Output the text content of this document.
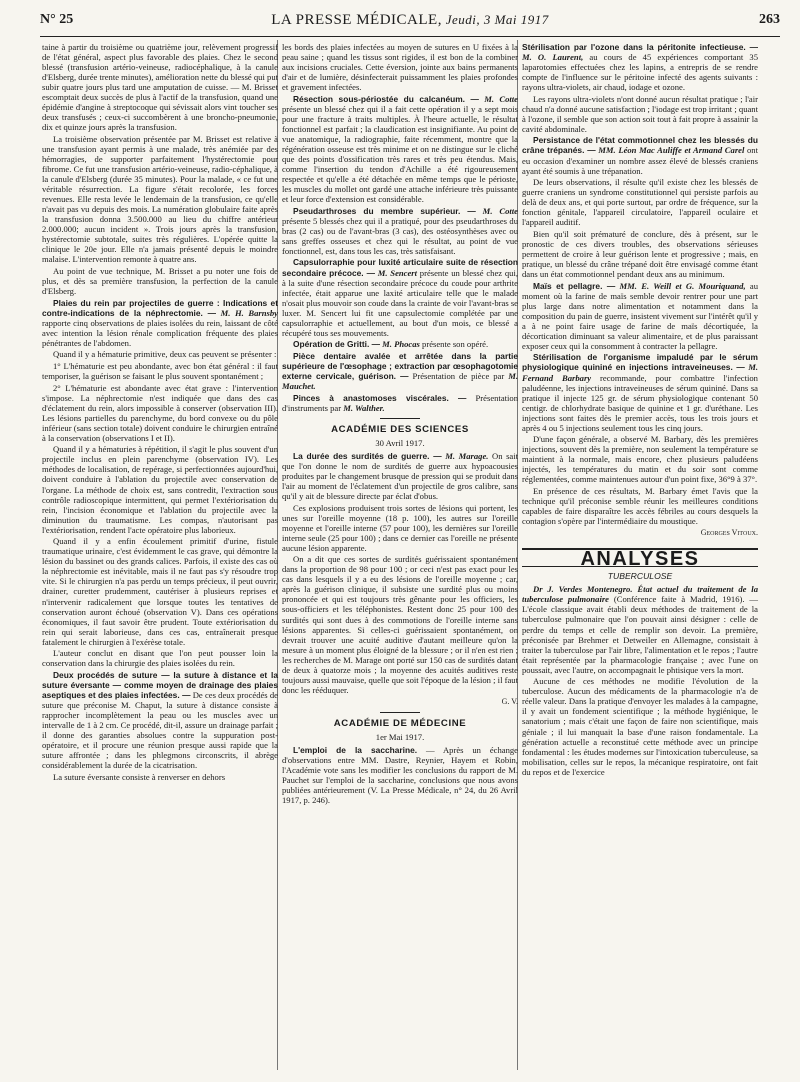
N° 25	LA PRESSE MÉDICALE, Jeudi, 3 Mai 1917	263

taine à partir du troisième ou quatrième jour, relèvement progressif de l'état général, aspect plus favorable des plaies. Chez le second blessé (transfusion artério-veineuse, radiocéphalique, à la canule d'Elsberg, durée trente minutes), amélioration nette du blessé qui put subir quatre jours plus tard une amputation de cuisse. — M. Brisset escomptait deux succès de plus à l'actif de la transfusion, quand une épidémie d'angine à streptocoque qui sévissait alors vint toucher ses deux transfusés ; ceux-ci succombèrent à une broncho-pneumonie, dix et quinze jours après la transfusion.

La troisième observation présentée par M. Brisset est relative à une transfusion ayant permis à une malade, très anémiée par des hémorragies, de supporter parfaitement l'hystérectomie pour fibrome. Ce fut une transfusion artério-veineuse, radio-céphalique, à la canule d'Elsberg (durée 35 minutes). Pour la malade, « ce fut une véritable résurrection. La figure s'était recolorée, les forces revenues. Elle resta levée le lendemain de la transfusion, ce qu'elle n'avait pas vu depuis des mois. La numération globulaire faite après la transfusion donna 3.500.000 au lieu du chiffre antérieur 2.000.000; aucun incident ». Trois jours après la transfusion, hystérectomie subtotale, suites très régulières. L'opérée quitte la clinique le 20e jour. Elle n'a jamais présenté depuis le moindre malaise. L'intervention remonte à quatre ans.

Au point de vue technique, M. Brisset a pu noter une fois de plus, et dès sa première transfusion, la perfection de la canule d'Elsberg.

Plaies du rein par projectiles de guerre : Indications et contre-indications de la néphrectomie. — M. H. Barnsby rapporte cinq observations de plaies isolées du rein, laissant de côté avec intention la lésion rénale complication fréquente des plaies pénétrantes de l'abdomen.

Quand il y a hématurie primitive, deux cas peuvent se présenter :

1° L'hématurie est peu abondante, avec bon état général : il faut temporiser, la guérison se faisant le plus souvent spontanément ;

2° L'hématurie est abondante avec état grave : l'intervention s'impose. La néphrectomie n'est indiquée que dans des cas d'éclatement du rein, alors impossible à conserver (observation III). Les lésions partielles du parenchyme, du bord convexe ou du pôle inférieur (sans section totale) doivent conduire le chirurgien entraîné à la conservation (observations I et II).

Quand il y a hématuries à répétition, il s'agit le plus souvent d'un projectile inclus en plein parenchyme (observation IV). Les méthodes de localisation, de repérage, si perfectionnées aujourd'hui, doivent conduire à l'ablation du projectile avec conservation de l'organe. La méthode de choix est, sans contredit, l'extraction sous contrôle radioscopique intermittent, qui permet l'extériorisation du rein, l'incision économique et l'ablation du projectile avec la diminution du traumatisme. Les compas, n'autorisant pas l'extériorisation, rendent l'acte opératoire plus laborieux.

Quand il y a enfin écoulement primitif d'urine, fistule traumatique urinaire, c'est évidemment le cas grave, qui démontre la lésion du bassinet ou des grands calices. Parfois, il existe des cas où la néphrectomie est inévitable, mais il ne faut pas s'y résoudre trop vite. Si le chirurgien n'a pas perdu un temps précieux, il peut ouvrir, drainer, curetter prudemment, cautériser à plusieurs reprises et n'intervenir radicalement que lorsque toutes les tentatives de conservation auront échoué (observation V). Dans ces opérations économiques, il faut savoir être prudent. Toute extériorisation du rein qui serait laborieuse, dans ces cas, entraînerait presque fatalement le chirurgien à l'exérèse totale.

L'auteur conclut en disant que l'on peut pousser loin la conservation dans la chirurgie des plaies isolées du rein.

Deux procédés de suture — la suture à distance et la suture éversante — comme moyen de drainage des plaies aseptiques et des plaies infectées. — De ces deux procédés de suture que préconise M. Chaput, la suture à distance consiste à rapprocher incomplètement la peau ou les muscles avec un intervalle de 1 à 2 cm. Ce procédé, dit-il, assure un drainage parfait ; il donne des garanties absolues contre la suppuration post-opératoire, et il procure une réunion presque aussi rapide que la suture affrontée ; dans les phlegmons circonscrits, il abrège considérablement la durée de la cicatrisation.

La suture éversante consiste à renverser en dehors

les bords des plaies infectées au moyen de sutures en U fixées à la peau saine ; quand les tissus sont rigides, il est bon de la combiner aux incisions cruciales. Cette éversion, jointe aux bains permanents d'air et de lumière, désinfecterait puissamment les plaies profondes et gravement infectées.

Résection sous-périostée du calcanéum. — M. Cotte présente un blessé chez qui il a fait cette opération il y a sept mois pour une fracture à traits multiples. À l'heure actuelle, le résultat fonctionnel est parfait ; la claudication est insignifiante. Au point de vue anatomique, la radiographie, faite récemment, montre que la régénération osseuse est très minime et on ne distingue sur le cliché que des points d'ossification très rares et très peu étendus. Mais, comme l'insertion du tendon d'Achille a été rigoureusement respectée et qu'elle a été détachée en même temps que le périoste, les muscles du mollet ont gardé une attache inférieure très puissante et leur force d'extension est considérable.

Pseudarthroses du membre supérieur. — M. Cotte présente 5 blessés chez qui il a pratiqué, pour des pseudarthroses du bras (2 cas) ou de l'avant-bras (3 cas), des ostéosynthèses avec ou sans greffes osseuses et chez qui le résultat, au point de vue fonctionnel, est, dans tous les cas, très satisfaisant.

Capsulorraphie pour luxité articulaire suite de résection secondaire précoce. — M. Sencert présente un blessé chez qui, à la suite d'une résection secondaire précoce du coude pour arthrite infectée, était apparue une laxité articulaire telle que le malade n'osait plus mouvoir son coude dans la crainte de voir l'avant-bras se luxer. M. Sencert lui fit une capsulectomie complétée par une capsulorraphie et actuellement, au bout d'un mois, ce blessé a récupéré tous ses mouvements.

Opération de Gritti. — M. Phocas présente son opéré.

Pièce dentaire avalée et arrêtée dans la partie supérieure de l'œsophage ; extraction par œsophagotomie externe cervicale, guérison. — Présentation de pièce par M. Mauchet.

Pinces à anastomoses viscérales. — Présentation d'instruments par M. Walther.

ACADÉMIE DES SCIENCES
30 Avril 1917.

La durée des surdités de guerre. — M. Marage. On sait que l'on donne le nom de surdités de guerre aux hypoacousies produites par le changement brusque de pression qui se produit dans l'air au moment de l'éclatement d'un projectile de gros calibre, sans qu'il y ait de blessure directe par éclat d'obus.

Ces explosions produisent trois sortes de lésions qui portent, les unes sur l'oreille moyenne (18 p. 100), les autres sur l'oreille moyenne et l'oreille interne (57 pour 100), les dernières sur l'oreille interne seule (25 pour 100) ; dans ce dernier cas l'oreille ne présente aucune lésion apparente.

On a dit que ces sortes de surdités guérissaient spontanément dans la proportion de 98 pour 100 ; or ceci n'est pas exact pour les cas dans lesquels il y a eu des lésions de l'oreille moyenne ; car, après la guérison clinique, il subsiste une surdité plus ou moins prononcée et qui est toujours très gênante pour les officiers, les sous-officiers et les téléphonistes. Restent donc 25 pour 100 des surdités qui sont dues à des commotions de l'oreille interne sans lésions apparentes. Si celles-ci guérissaient spontanément, on devrait trouver une acuité auditive d'autant meilleure qu'on la mesure à un moment plus éloigné de la blessure ; or il n'en est rien ; les recherches de M. Marage ont porté sur 150 cas de surdités datant de deux à quatorze mois ; la moyenne des acuités auditives reste toujours aussi mauvaise, quelle que soit l'époque de la lésion ; il faut donc les rééduquer.

G. V.
ACADÉMIE DE MÉDECINE
1er Mai 1917.

L'emploi de la saccharine. — Après un échange d'observations entre MM. Dastre, Reynier, Hayem et Robin, l'Académie vote sans les modifier les conclusions du rapport de M. Pauchet sur l'emploi de la saccharine, conclusions que nous avons publiées antérieurement (V. La Presse Médicale, n° 24, du 26 Avril 1917, p. 246).

Stérilisation par l'ozone dans la péritonite infectieuse. — M. O. Laurent, au cours de 45 expériences comportant 35 laparotomies effectuées chez les lapins, a entrepris de se rendre compte de l'influence sur le péritoine infecté des agents suivants : rayons ultra-violets, air chaud, iodage et ozone.

Les rayons ultra-violets n'ont donné aucun résultat pratique ; l'air chaud n'a donné aucune satisfaction ; l'iodage est trop irritant ; quant à l'ozone, il semble que son action soit tout à fait propre à assainir la cavité abdominale.

Persistance de l'état commotionnel chez les blessés du crâne trépanés. — MM. Léon Mac Auliffe et Armand Carel ont eu occasion d'examiner un nombre assez élevé de blessés craniens ayant été soumis à une trépanation.

De leurs observations, il résulte qu'il existe chez les blessés de guerre craniens un syndrome constitutionnel qui persiste parfois au delà de deux ans, et qui porte surtout, par ordre de fréquence, sur la fonction génitale, l'appareil circulatoire, l'appareil oculaire et l'appareil auditif.

Bien qu'il soit prématuré de conclure, dès à présent, sur le pronostic de ces divers troubles, des observations sérieuses permettent de croire à leur guérison lente et progressive ; mais, en pratique, un blessé du crâne trépané doit être envisagé comme étant dans un état commotionnel pendant deux ans au minimum.

Maïs et pellagre. — MM. E. Weill et G. Mouriquand, au moment où la farine de maïs semble devoir rentrer pour une part plus large dans notre alimentation et notamment dans la composition du pain de guerre, insistent vivement sur l'intérêt qu'il y a à ne point faire usage de farine de maïs décortiquée, la décortication diminuant sa valeur alimentaire, et de plus paraissant exposer ceux qui la consomment à contracter la pellagre.

Stérilisation de l'organisme impaludé par le sérum physiologique quininé en injections intraveineuses. — M. Fernand Barbary recommande, pour combattre l'infection paludéenne, les injections intraveineuses de sérum quininé. Dans sa pratique il injecte 125 gr. de sérum physiologique contenant 50 centigr. de chlorhydrate basique de quinine et 1 gr. d'uréthane. Les injections sont faites dès le premier accès, tous les trois jours et après 4 ou 5 injections seulement tous les cinq jours.

D'une façon générale, a observé M. Barbary, dès les premières injections, souvent dès la première, non seulement la température se maintient à la normale, mais encore, chez plusieurs paludéens injectés, les températures du matin et du soir sont comme réglementées, comme maintenues autour d'un point fixe, 36°9 à 37°.

En présence de ces résultats, M. Barbary émet l'avis que la technique qu'il préconise semble réunir les meilleures conditions capables de faire disparaître les accès fébriles au cours desquels la contagion s'opère par l'intermédiaire du moustique.

Georges Vitoux.
ANALYSES
TUBERCULOSE

Dr J. Verdes Montenegro. État actuel du traitement de la tuberculose pulmonaire (Conférence faite à Madrid, 1916). — L'école classique avait établi deux méthodes de traitement de la tuberculose pulmonaire que l'on pouvait ainsi désigner : celle de perdre du temps et celle de remplir son devoir. La première, préconisée par Brehmer et Detweiler en Allemagne, consistait à traiter la tuberculose par l'air libre, l'alimentation et le repos ; l'autre était représentée par la pharmacologie française ; avec l'une on poussait, avec l'autre, on accompagnait le phtisique vers la mort.

Aucune de ces méthodes ne modifie l'évolution de la tuberculose. Aucun des médicaments de la pharmacologie n'a de réelle valeur. Dans la pratique d'envoyer les malades à la campagne, il y avait un fondement scientifique ; la méthode hygiénique, le sanatorium ; mais c'était une façon de faire non scientifique, mais géniale ; il lui manquait la base d'une raison fondamentale. La génération actuelle a reconstitué cette méthode avec un principe fondamental : les études modernes sur l'intoxication tuberculeuse, sa mobilisation, celles sur le repos, la mécanique respiratoire, ont fait du repos et de l'exercice
